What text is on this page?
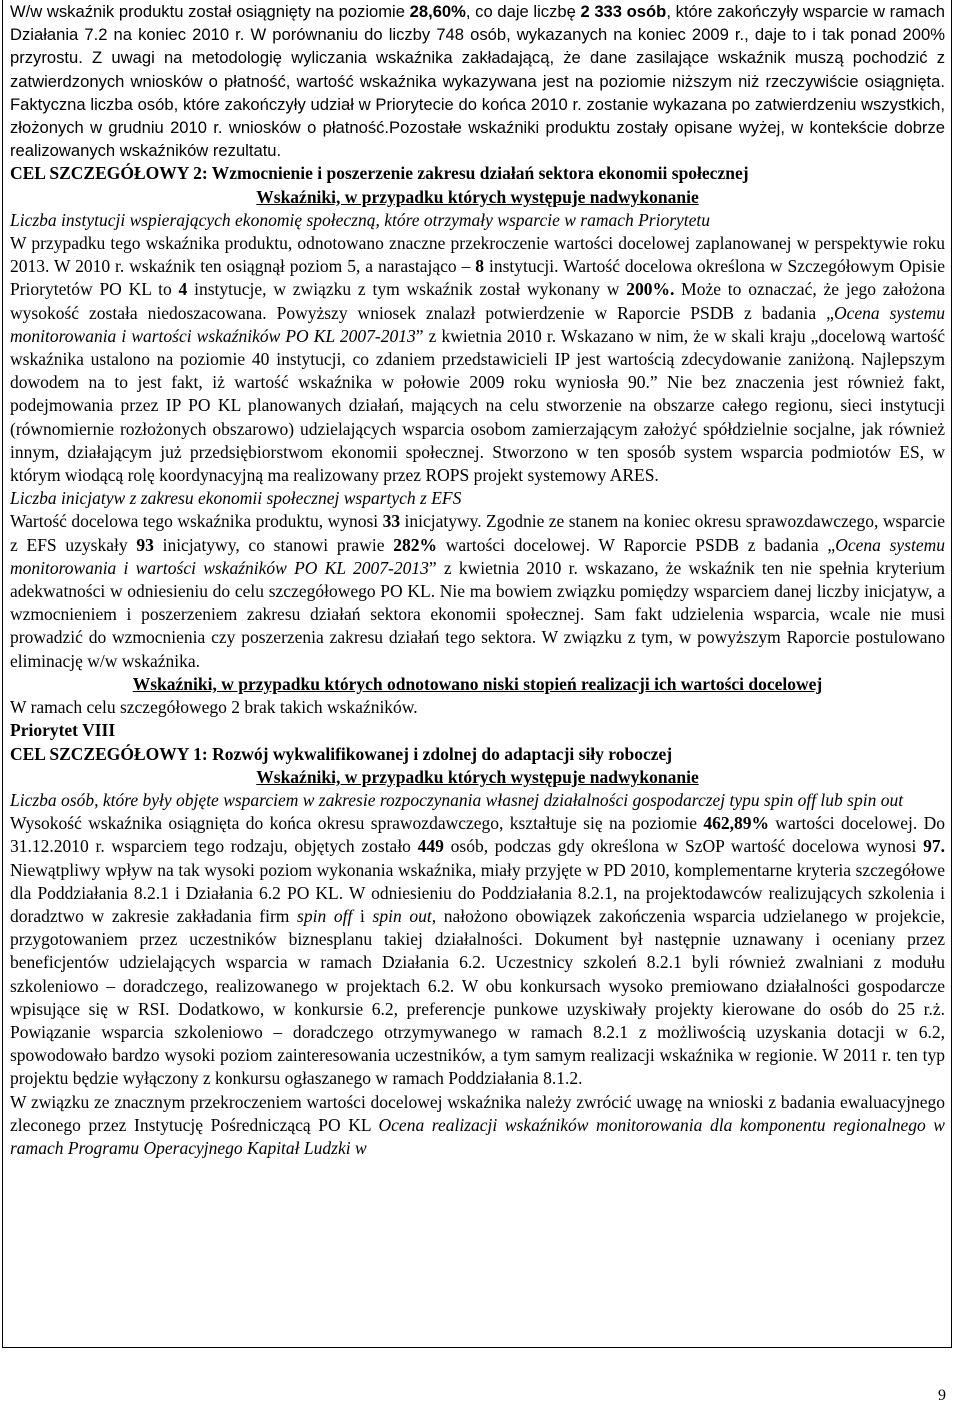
W/w wskaźnik produktu został osiągnięty na poziomie 28,60%, co daje liczbę 2 333 osób, które zakończyły wsparcie w ramach Działania 7.2 na koniec 2010 r. W porównaniu do liczby 748 osób, wykazanych na koniec 2009 r., daje to i tak ponad 200% przyrostu. Z uwagi na metodologię wyliczania wskaźnika zakładającą, że dane zasilające wskaźnik muszą pochodzić z zatwierdzonych wniosków o płatność, wartość wskaźnika wykazywana jest na poziomie niższym niż rzeczywiście osiągnięta. Faktyczna liczba osób, które zakończyły udział w Priorytecie do końca 2010 r. zostanie wykazana po zatwierdzeniu wszystkich, złożonych w grudniu 2010 r. wniosków o płatność.Pozostałe wskaźniki produktu zostały opisane wyżej, w kontekście dobrze realizowanych wskaźników rezultatu.

CEL SZCZEGÓŁOWY 2: Wzmocnienie i poszerzenie zakresu działań sektora ekonomii społecznej

Wskaźniki, w przypadku których występuje nadwykonanie

Liczba instytucji wspierających ekonomię społeczną, które otrzymały wsparcie w ramach Priorytetu

W przypadku tego wskaźnika produktu, odnotowano znaczne przekroczenie wartości docelowej zaplanowanej w perspektywie roku 2013. W 2010 r. wskaźnik ten osiągnął poziom 5, a narastająco – 8 instytucji. Wartość docelowa określona w Szczegółowym Opisie Priorytetów PO KL to 4 instytucje, w związku z tym wskaźnik został wykonany w 200%. Może to oznaczać, że jego założona wysokość została niedoszacowana. Powyższy wniosek znalazł potwierdzenie w Raporcie PSDB z badania „Ocena systemu monitorowania i wartości wskaźników PO KL 2007-2013” z kwietnia 2010 r. Wskazano w nim, że w skali kraju „docelową wartość wskaźnika ustalono na poziomie 40 instytucji, co zdaniem przedstawicieli IP jest wartością zdecydowanie zaniżoną. Najlepszym dowodem na to jest fakt, iż wartość wskaźnika w połowie 2009 roku wyniosła 90.” Nie bez znaczenia jest również fakt, podejmowania przez IP PO KL planowanych działań, mających na celu stworzenie na obszarze całego regionu, sieci instytucji (równomiernie rozłożonych obszarowo) udzielających wsparcia osobom zamierzającym założyć spółdzielnie socjalne, jak również innym, działającym już przedsiębiorstwom ekonomii społecznej. Stworzono w ten sposób system wsparcia podmiotów ES, w którym wiodącą rolę koordynacyjną ma realizowany przez ROPS projekt systemowy ARES.

Liczba inicjatyw z zakresu ekonomii społecznej wspartych z EFS

Wartość docelowa tego wskaźnika produktu, wynosi 33 inicjatywy. Zgodnie ze stanem na koniec okresu sprawozdawczego, wsparcie z EFS uzyskały 93 inicjatywy, co stanowi prawie 282% wartości docelowej. W Raporcie PSDB z badania „Ocena systemu monitorowania i wartości wskaźników PO KL 2007-2013” z kwietnia 2010 r. wskazano, że wskaźnik ten nie spełnia kryterium adekwatności w odniesieniu do celu szczegółowego PO KL. Nie ma bowiem związku pomiędzy wsparciem danej liczby inicjatyw, a wzmocnieniem i poszerzeniem zakresu działań sektora ekonomii społecznej. Sam fakt udzielenia wsparcia, wcale nie musi prowadzić do wzmocnienia czy poszerzenia zakresu działań tego sektora. W związku z tym, w powyższym Raporcie postulowano eliminację w/w wskaźnika.

Wskaźniki, w przypadku których odnotowano niski stopień realizacji ich wartości docelowej

W ramach celu szczegółowego 2 brak takich wskaźników.

Priorytet VIII

CEL SZCZEGÓŁOWY 1: Rozwój wykwalifikowanej i zdolnej do adaptacji siły roboczej

Wskaźniki, w przypadku których występuje nadwykonanie

Liczba osób, które były objęte wsparciem w zakresie rozpoczynania własnej działalności gospodarczej typu spin off lub spin out

Wysokość wskaźnika osiągnięta do końca okresu sprawozdawczego, kształtuje się na poziomie 462,89% wartości docelowej. Do 31.12.2010 r. wsparciem tego rodzaju, objętych zostało 449 osób, podczas gdy określona w SzOP wartość docelowa wynosi 97. Niewątpliwy wpływ na tak wysoki poziom wykonania wskaźnika, miały przyjęte w PD 2010, komplementarne kryteria szczegółowe dla Poddziałania 8.2.1 i Działania 6.2 PO KL. W odniesieniu do Poddziałania 8.2.1, na projektodawców realizujących szkolenia i doradztwo w zakresie zakładania firm spin off i spin out, nałożono obowiązek zakończenia wsparcia udzielanego w projekcie, przygotowaniem przez uczestników biznesplanu takiej działalności. Dokument był następnie uznawany i oceniany przez beneficjentów udzielających wsparcia w ramach Działania 6.2. Uczestnicy szkoleń 8.2.1 byli również zwalniani z modułu szkoleniowo – doradczego, realizowanego w projektach 6.2. W obu konkursach wysoko premiowano działalności gospodarcze wpisujące się w RSI. Dodatkowo, w konkursie 6.2, preferencje punkowe uzyskiwały projekty kierowane do osób do 25 r.ż. Powiązanie wsparcia szkoleniowo – doradczego otrzymywanego w ramach 8.2.1 z możliwością uzyskania dotacji w 6.2, spowodowało bardzo wysoki poziom zainteresowania uczestników, a tym samym realizacji wskaźnika w regionie. W 2011 r. ten typ projektu będzie wyłączony z konkursu ogłaszanego w ramach Poddziałania 8.1.2.

W związku ze znacznym przekroczeniem wartości docelowej wskaźnika należy zwrócić uwagę na wnioski z badania ewaluacyjnego zleconego przez Instytucję Pośredniczącą PO KL Ocena realizacji wskaźników monitorowania dla komponentu regionalnego w ramach Programu Operacyjnego Kapitał Ludzki w

9
